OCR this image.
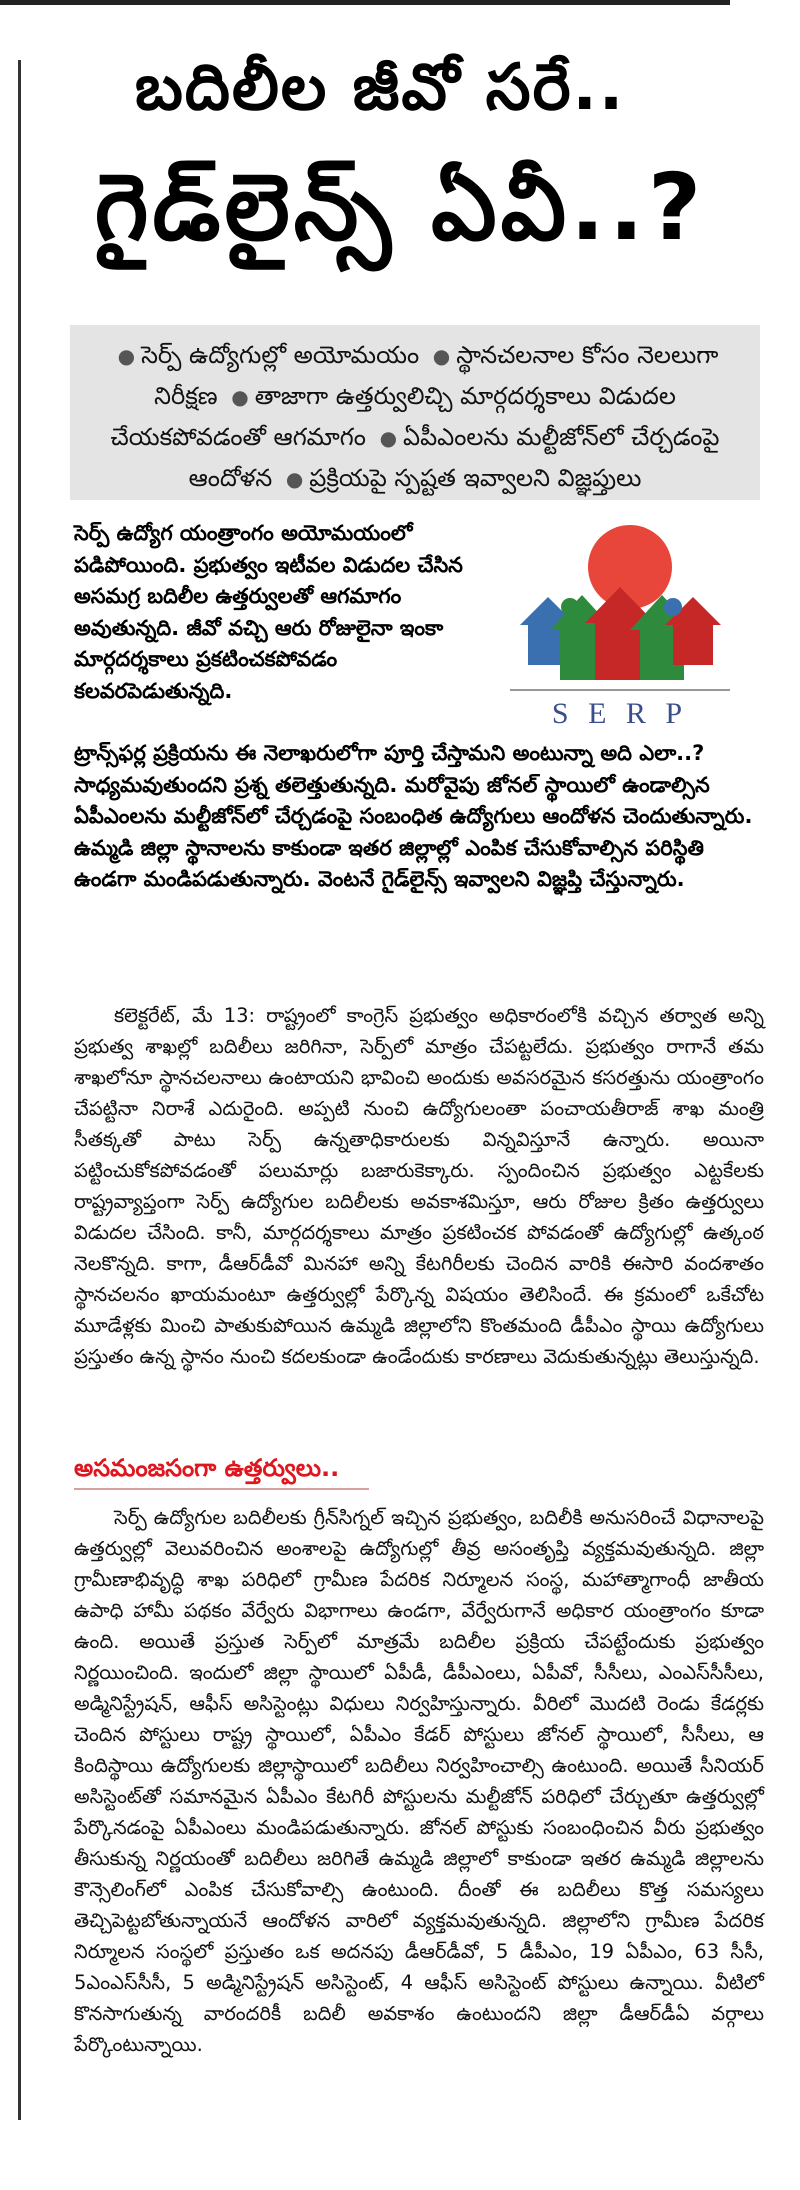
బదిలీల జీవో సరే..
గైడ్‌లైన్స్ ఏవీ..?
● సెర్ప్ ఉద్యోగుల్లో అయోమయం ● స్థానచలనాల కోసం నెలలుగా నిరీక్షణ ● తాజాగా ఉత్తర్వులిచ్చి మార్గదర్శకాలు విడుదల చేయకపోవడంతో ఆగమాగం ● ఏపీఎంలను మల్టీజోన్‌లో చేర్చడంపై ఆందోళన ● ప్రక్రియపై స్పష్టత ఇవ్వాలని విజ్ఞప్తులు
సెర్ప్ ఉద్యోగ యంత్రాంగం అయోమయంలో పడిపోయింది. ప్రభుత్వం ఇటీవల విడుదల చేసిన అసమగ్ర బదిలీల ఉత్తర్వులతో ఆగమాగం అవుతున్నది. జీవో వచ్చి ఆరు రోజులైనా ఇంకా మార్గదర్శకాలు ప్రకటించకపోవడం కలవరపెడుతున్నది.
S E R P
ట్రాన్స్‌ఫర్ల ప్రక్రియను ఈ నెలాఖరులోగా పూర్తి చేస్తామని అంటున్నా అది ఎలా..? సాధ్యమవుతుందని ప్రశ్న తలెత్తుతున్నది. మరోవైపు జోనల్ స్థాయిలో ఉండాల్సిన ఏపీఎంలను మల్టీజోన్‌లో చేర్చడంపై సంబంధిత ఉద్యోగులు ఆందోళన చెందుతున్నారు. ఉమ్మడి జిల్లా స్థానాలను కాకుండా ఇతర జిల్లాల్లో ఎంపిక చేసుకోవాల్సిన పరిస్థితి ఉండగా మండిపడుతున్నారు. వెంటనే గైడ్‌లైన్స్ ఇవ్వాలని విజ్ఞప్తి చేస్తున్నారు.
కలెక్టరేట్, మే 13: రాష్ట్రంలో కాంగ్రెస్ ప్రభుత్వం అధికారంలోకి వచ్చిన తర్వాత అన్ని ప్రభుత్వ శాఖల్లో బదిలీలు జరిగినా, సెర్ప్‌లో మాత్రం చేపట్టలేదు. ప్రభుత్వం రాగానే తమ శాఖలోనూ స్థానచలనాలు ఉంటాయని భావించి అందుకు అవసరమైన కసరత్తును యంత్రాంగం చేపట్టినా నిరాశే ఎదురైంది. అప్పటి నుంచి ఉద్యోగులంతా పంచాయతీరాజ్ శాఖ మంత్రి సీతక్కతో పాటు సెర్ప్ ఉన్నతాధికారులకు విన్నవిస్తూనే ఉన్నారు. అయినా పట్టించుకోకపోవడంతో పలుమార్లు బజారుకెక్కారు. స్పందించిన ప్రభుత్వం ఎట్టకేలకు రాష్ట్రవ్యాప్తంగా సెర్ప్ ఉద్యోగుల బదిలీలకు అవకాశమిస్తూ, ఆరు రోజుల క్రితం ఉత్తర్వులు విడుదల చేసింది. కానీ, మార్గదర్శకాలు మాత్రం ప్రకటించక పోవడంతో ఉద్యోగుల్లో ఉత్కంఠ నెలకొన్నది. కాగా, డీఆర్‌డీవో మినహా అన్ని కేటగిరీలకు చెందిన వారికి ఈసారి వందశాతం స్థానచలనం ఖాయమంటూ ఉత్తర్వుల్లో పేర్కొన్న విషయం తెలిసిందే. ఈ క్రమంలో ఒకేచోట మూడేళ్లకు మించి పాతుకుపోయిన ఉమ్మడి జిల్లాలోని కొంతమంది డీపీఎం స్థాయి ఉద్యోగులు ప్రస్తుతం ఉన్న స్థానం నుంచి కదలకుండా ఉండేందుకు కారణాలు వెదుకుతున్నట్లు తెలుస్తున్నది.
అసమంజసంగా ఉత్తర్వులు..
సెర్ప్ ఉద్యోగుల బదిలీలకు గ్రీన్‌సిగ్నల్ ఇచ్చిన ప్రభుత్వం, బదిలీకి అనుసరించే విధానాలపై ఉత్తర్వుల్లో వెలువరించిన అంశాలపై ఉద్యోగుల్లో తీవ్ర అసంతృప్తి వ్యక్తమవుతున్నది. జిల్లా గ్రామీణాభివృద్ధి శాఖ పరిధిలో గ్రామీణ పేదరిక నిర్మూలన సంస్థ, మహాత్మాగాంధీ జాతీయ ఉపాధి హామీ పథకం వేర్వేరు విభాగాలు ఉండగా, వేర్వేరుగానే అధికార యంత్రాంగం కూడా ఉంది. అయితే ప్రస్తుత సెర్ప్‌లో మాత్రమే బదిలీల ప్రక్రియ చేపట్టేందుకు ప్రభుత్వం నిర్ణయించింది. ఇందులో జిల్లా స్థాయిలో ఏపీడీ, డీపీఎంలు, ఏపీవో, సీసీలు, ఎంఎస్‌సీసీలు, అడ్మినిస్ట్రేషన్, ఆఫీస్ అసిస్టెంట్లు విధులు నిర్వహిస్తున్నారు. వీరిలో మొదటి రెండు కేడర్లకు చెందిన పోస్టులు రాష్ట్ర స్థాయిలో, ఏపీఎం కేడర్ పోస్టులు జోనల్ స్థాయిలో, సీసీలు, ఆ కిందిస్థాయి ఉద్యోగులకు జిల్లాస్థాయిలో బదిలీలు నిర్వహించాల్సి ఉంటుంది. అయితే సీనియర్ అసిస్టెంట్‌తో సమానమైన ఏపీఎం కేటగిరీ పోస్టులను మల్టీజోన్ పరిధిలో చేర్చుతూ ఉత్తర్వుల్లో పేర్కొనడంపై ఏపీఎంలు మండిపడుతున్నారు. జోనల్ పోస్టుకు సంబంధించిన వీరు ప్రభుత్వం తీసుకున్న నిర్ణయంతో బదిలీలు జరిగితే ఉమ్మడి జిల్లాలో కాకుండా ఇతర ఉమ్మడి జిల్లాలను కౌన్సెలింగ్‌లో ఎంపిక చేసుకోవాల్సి ఉంటుంది. దీంతో ఈ బదిలీలు కొత్త సమస్యలు తెచ్చిపెట్టబోతున్నాయనే ఆందోళన వారిలో వ్యక్తమవుతున్నది. జిల్లాలోని గ్రామీణ పేదరిక నిర్మూలన సంస్థలో ప్రస్తుతం ఒక అదనపు డీఆర్‌డీవో, 5 డీపీఎం, 19 ఏపీఎం, 63 సీసీ, 5ఎంఎస్‌సీసీ, 5 అడ్మినిస్ట్రేషన్ అసిస్టెంట్, 4 ఆఫీస్ అసిస్టెంట్ పోస్టులు ఉన్నాయి. వీటిలో కొనసాగుతున్న వారందరికీ బదిలీ అవకాశం ఉంటుందని జిల్లా డీఆర్‌డీఏ వర్గాలు పేర్కొంటున్నాయి.
